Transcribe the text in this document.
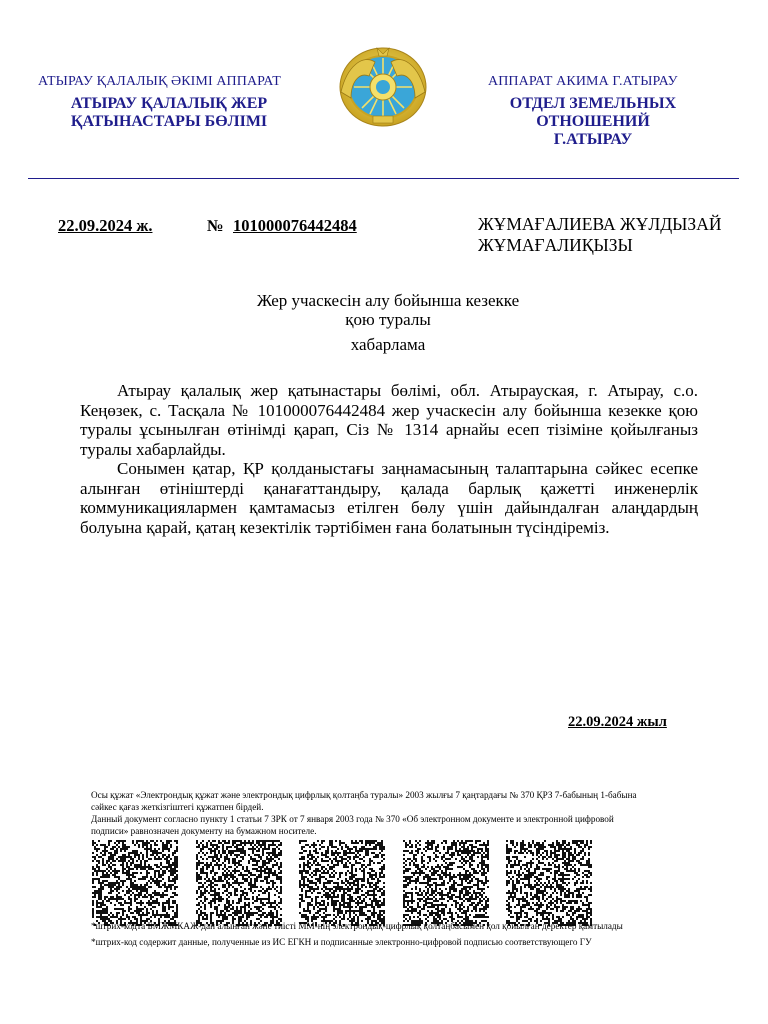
АТЫРАУ ҚАЛАЛЫҚ ӘКІМІ АППАРАТ
АТЫРАУ ҚАЛАЛЫҚ ЖЕР
ҚАТЫНАСТАРЫ БӨЛІМІ
АППАРАТ АКИМА Г.АТЫРАУ
ОТДЕЛ ЗЕМЕЛЬНЫХ ОТНОШЕНИЙ
Г.АТЫРАУ
22.09.2024 ж.	№ 101000076442484	ЖҰМАҒАЛИЕВА ЖҰЛДЫЗАЙ
ЖҰМАҒАЛИҚЫЗЫ
Жер учаскесін алу бойынша кезекке
қою туралы
хабарлама

Атырау қалалық жер қатынастары бөлімі, обл. Атырауская, г. Атырау, с.о. Кеңөзек, с. Тасқала № 101000076442484 жер учаскесін алу бойынша кезекке қою туралы ұсынылған өтінімді қарап, Сіз № 1314 арнайы есеп тізіміне қойылғаныз туралы хабарлайды.

Сонымен қатар, ҚР қолданыстағы заңнамасының талаптарына сәйкес есепке алынған өтініштерді қанағаттандыру, қалада барлық қажетті инженерлік коммуникациялармен қамтамасыз етілген бөлу үшін дайындалған алаңдардың болуына қарай, қатаң кезектілік тәртібімен ғана болатынын түсіндіреміз.

22.09.2024 жыл
Осы құжат «Электрондық құжат және электрондық цифрлық қолтаңба туралы» 2003 жылғы 7 қаңтардағы № 370 ҚРЗ 7-бабының 1-бабына
сәйкес қағаз жеткізгіштегі құжатпен бірдей.
Данный документ согласно пункту 1 статьи 7 ЗРК от 7 января 2003 года № 370 «Об электронном документе и электронной цифровой
подписи» равнозначен документу на бумажном носителе.
*штрих-кодта БМЖМКАЖ-дан алынған және тиісті ММ-нің электрондық-цифрлық қолтаңбасымен қол қойылған деректер қамтылады
*штрих-код содержит данные, полученные из ИС ЕГКН и подписанные электронно-цифровой подписью соответствующего ГУ
